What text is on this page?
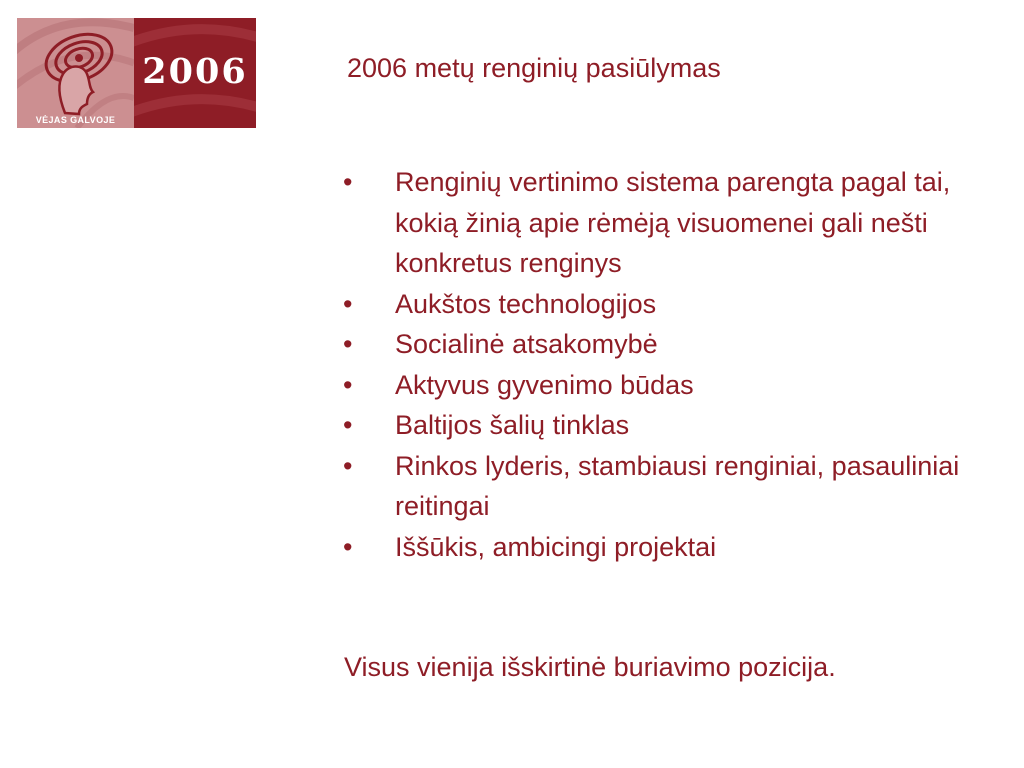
VĖJAS GALVOJE
2006	2006 metų renginių pasiūlymas
• Renginių vertinimo sistema parengta pagal tai, kokią žinią apie rėmėją visuomenei gali nešti konkretus renginys
• Aukštos technologijos
• Socialinė atsakomybė
• Aktyvus gyvenimo būdas
• Baltijos šalių tinklas
• Rinkos lyderis, stambiausi renginiai, pasauliniai reitingai
• Iššūkis, ambicingi projektai
Visus vienija išskirtinė buriavimo pozicija.
